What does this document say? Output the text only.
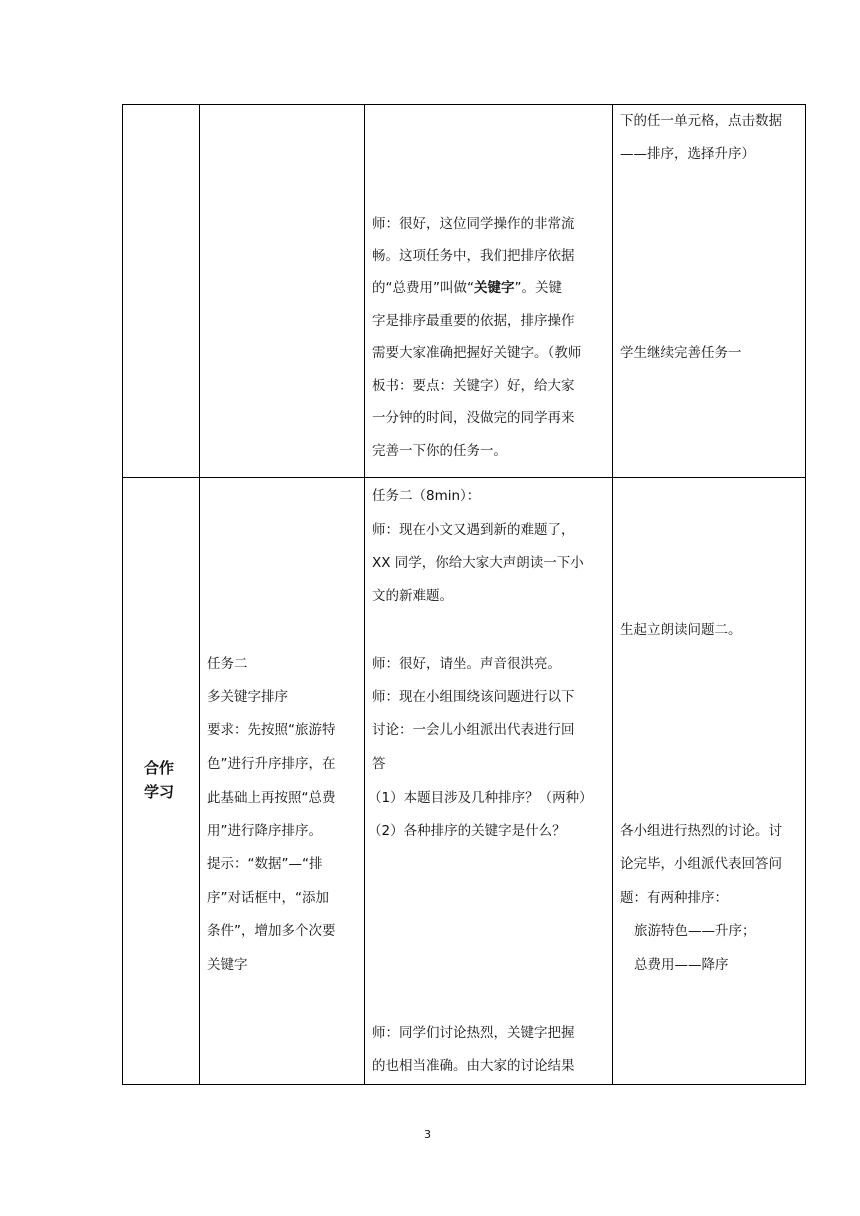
师：很好，这位同学操作的非常流
畅。这项任务中，我们把排序依据
的“总费用”叫做“关键字”。关键
字是排序最重要的依据，排序操作
需要大家准确把握好关键字。（教师
板书：要点：关键字）好，给大家
一分钟的时间，没做完的同学再来
完善一下你的任务一。
下的任一单元格，点击数据
——排序，选择升序）
学生继续完善任务一
合作
学习
任务二
多关键字排序
要求：先按照“旅游特
色”进行升序排序，在
此基础上再按照“总费
用”进行降序排序。
提示：“数据”—“排
序”对话框中，“添加
条件”，增加多个次要
关键字
任务二（8min）：
师：现在小文又遇到新的难题了，
XX 同学，你给大家大声朗读一下小
文的新难题。
师：很好，请坐。声音很洪亮。
师：现在小组围绕该问题进行以下
讨论：一会儿小组派出代表进行回
答
（1）本题目涉及几种排序？（两种）
（2）各种排序的关键字是什么？
师：同学们讨论热烈，关键字把握
的也相当准确。由大家的讨论结果
生起立朗读问题二。
各小组进行热烈的讨论。讨
论完毕，小组派代表回答问
题：有两种排序：
旅游特色——升序；
总费用——降序
3
